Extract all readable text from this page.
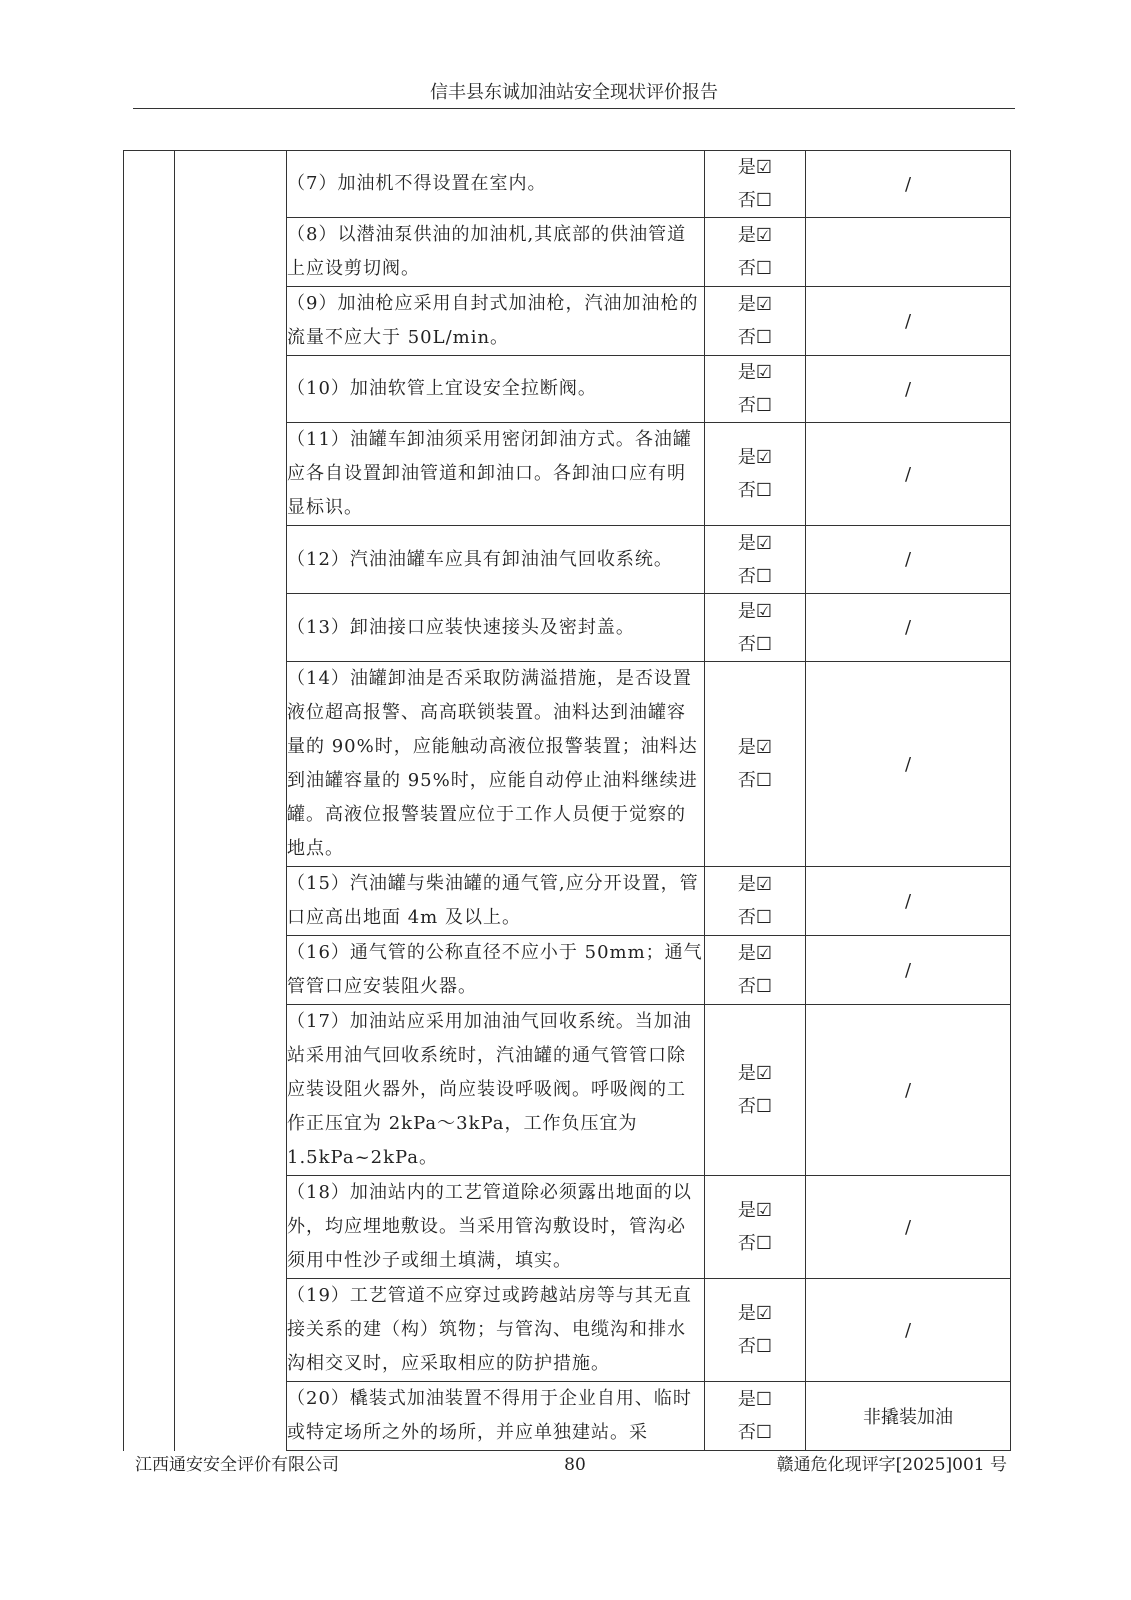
信丰县东诚加油站安全现状评价报告
		（7）加油机不得设置在室内。	是☑
否☐	/
		（8）以潜油泵供油的加油机,其底部的供油管道上应设剪切阀。	是☑
否☐	

		（9）加油枪应采用自封式加油枪，汽油加油枪的流量不应大于 50L/min。	是☑
否☐	/
		（10）加油软管上宜设安全拉断阀。	是☑
否☐	/
		（11）油罐车卸油须采用密闭卸油方式。各油罐应各自设置卸油管道和卸油口。各卸油口应有明显标识。	是☑
否☐	/
		（12）汽油油罐车应具有卸油油气回收系统。	是☑
否☐	/
		（13）卸油接口应装快速接头及密封盖。	是☑
否☐	/
		（14）油罐卸油是否采取防满溢措施，是否设置液位超高报警、高高联锁装置。油料达到油罐容量的 90%时，应能触动高液位报警装置；油料达到油罐容量的 95%时，应能自动停止油料继续进罐。高液位报警装置应位于工作人员便于觉察的地点。	是☑
否☐	/
		（15）汽油罐与柴油罐的通气管,应分开设置，管口应高出地面 4m 及以上。	是☑
否☐	/
		（16）通气管的公称直径不应小于 50mm；通气管管口应安装阻火器。	是☑
否☐	/
		（17）加油站应采用加油油气回收系统。当加油站采用油气回收系统时，汽油罐的通气管管口除应装设阻火器外，尚应装设呼吸阀。呼吸阀的工作正压宜为 2kPa～3kPa，工作负压宜为 1.5kPa~2kPa。	是☑
否☐	/
		（18）加油站内的工艺管道除必须露出地面的以外，均应埋地敷设。当采用管沟敷设时，管沟必须用中性沙子或细土填满，填实。	是☑
否☐	/
		（19）工艺管道不应穿过或跨越站房等与其无直接关系的建（构）筑物；与管沟、电缆沟和排水沟相交叉时，应采取相应的防护措施。	是☑
否☐	/
		（20）橇装式加油装置不得用于企业自用、临时或特定场所之外的场所，并应单独建站。采	是☐
否☐	非撬装加油
江西通安安全评价有限公司	80	赣通危化现评字[2025]001 号
